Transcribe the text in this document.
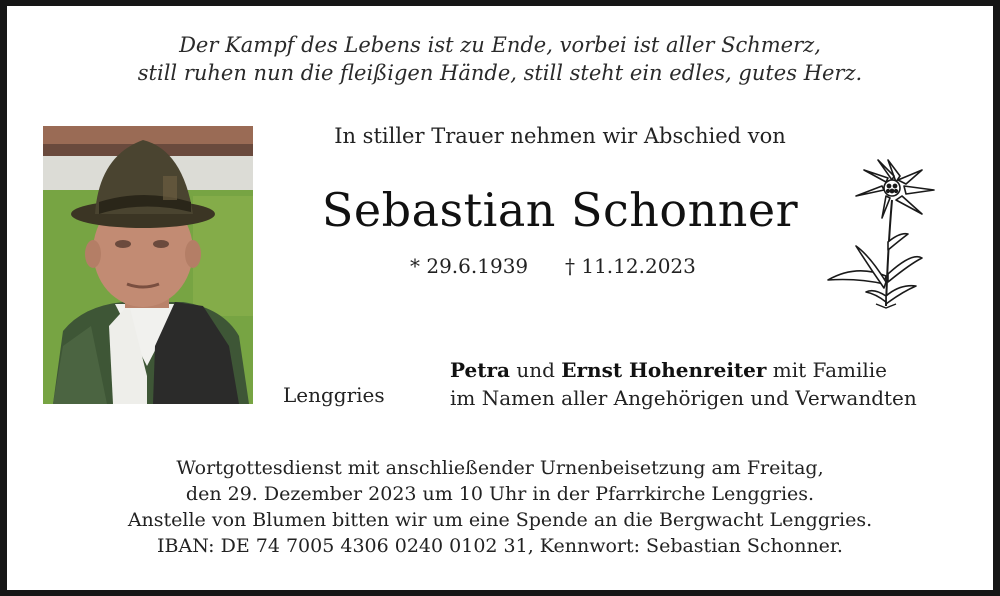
Der Kampf des Lebens ist zu Ende, vorbei ist aller Schmerz,
still ruhen nun die fleißigen Hände, still steht ein edles, gutes Herz.
In stiller Trauer nehmen wir Abschied von
Sebastian Schonner
* 29.6.1939 † 11.12.2023
Lenggries
Petra und Ernst Hohenreiter mit Familie
im Namen aller Angehörigen und Verwandten
Wortgottesdienst mit anschließender Urnenbeisetzung am Freitag,
den 29. Dezember 2023 um 10 Uhr in der Pfarrkirche Lenggries.
Anstelle von Blumen bitten wir um eine Spende an die Bergwacht Lenggries.
IBAN: DE 74 7005 4306 0240 0102 31, Kennwort: Sebastian Schonner.
